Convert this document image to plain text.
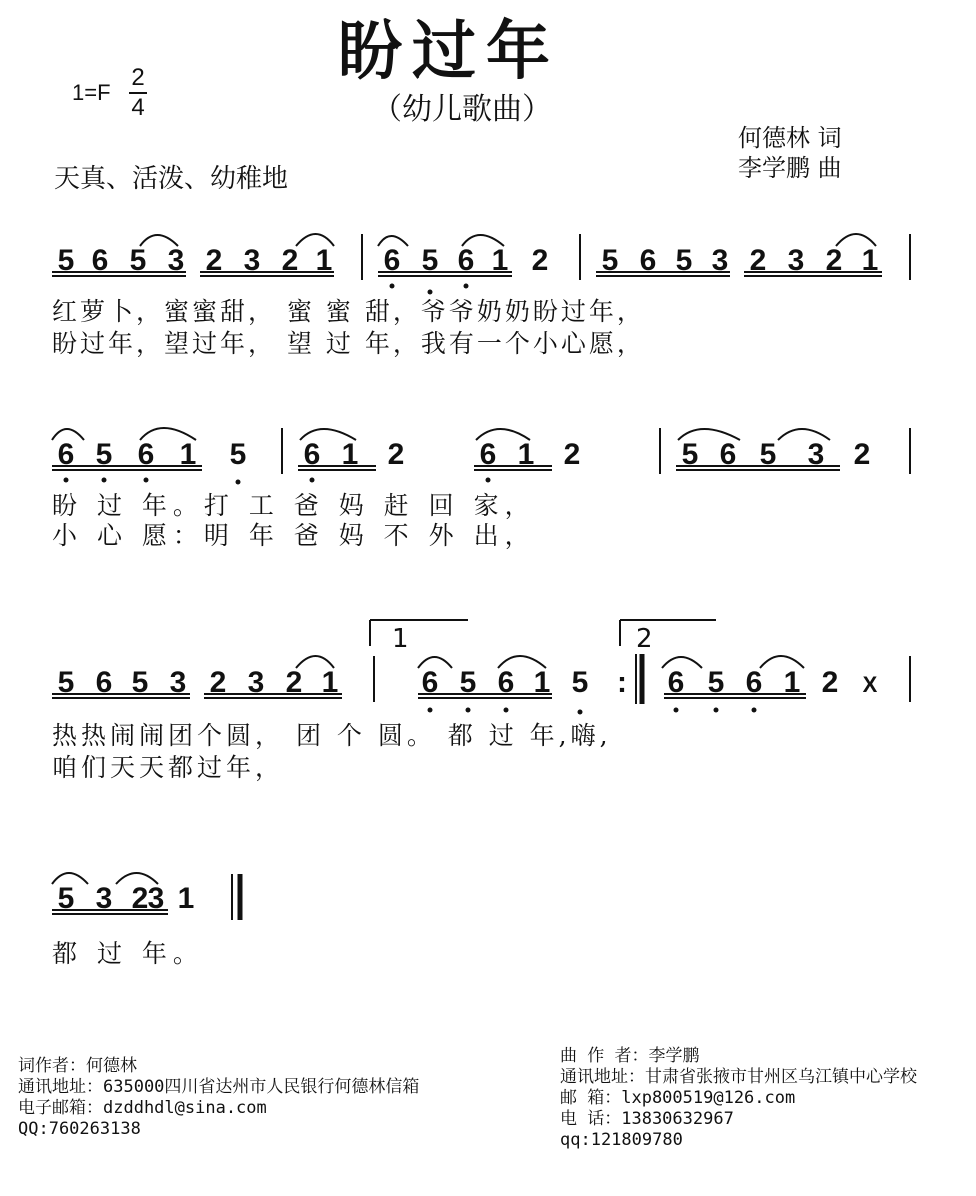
盼过年
（幼儿歌曲）
1=F
2
4
何德林 词
李学鹏 曲
天真、活泼、幼稚地
5 6 5 3 2 3 2 1 6 5 6 1 2 5 6 5 3 2 3 2 1
6 5 6 1 5 6 1 2	6 1 2	5 6 5 3 2
5 6 5 3 2 3 2 1	6 5 6 1 5 : 6 5 6 1 2 X
5 3 2 3 1
1	2
红萝卜，蜜蜜甜， 蜜 蜜 甜，爷爷奶奶盼过年，
盼过年，望过年， 望 过 年，我有一个小心愿，
盼 过 年。打 工 爸 妈 赶 回 家，
小 心 愿：明 年 爸 妈 不 外 出，
热热闹闹团个圆， 团 个 圆。 都 过 年,嗨,
咱们天天都过年，
都 过 年。
词作者：何德林
通讯地址：635000四川省达州市人民银行何德林信箱
电子邮箱：dzddhdl@sina.com
QQ:760263138
曲 作 者：李学鹏
通讯地址：甘肃省张掖市甘州区乌江镇中心学校
邮 箱：lxp800519@126.com
电 话：13830632967
qq:121809780
